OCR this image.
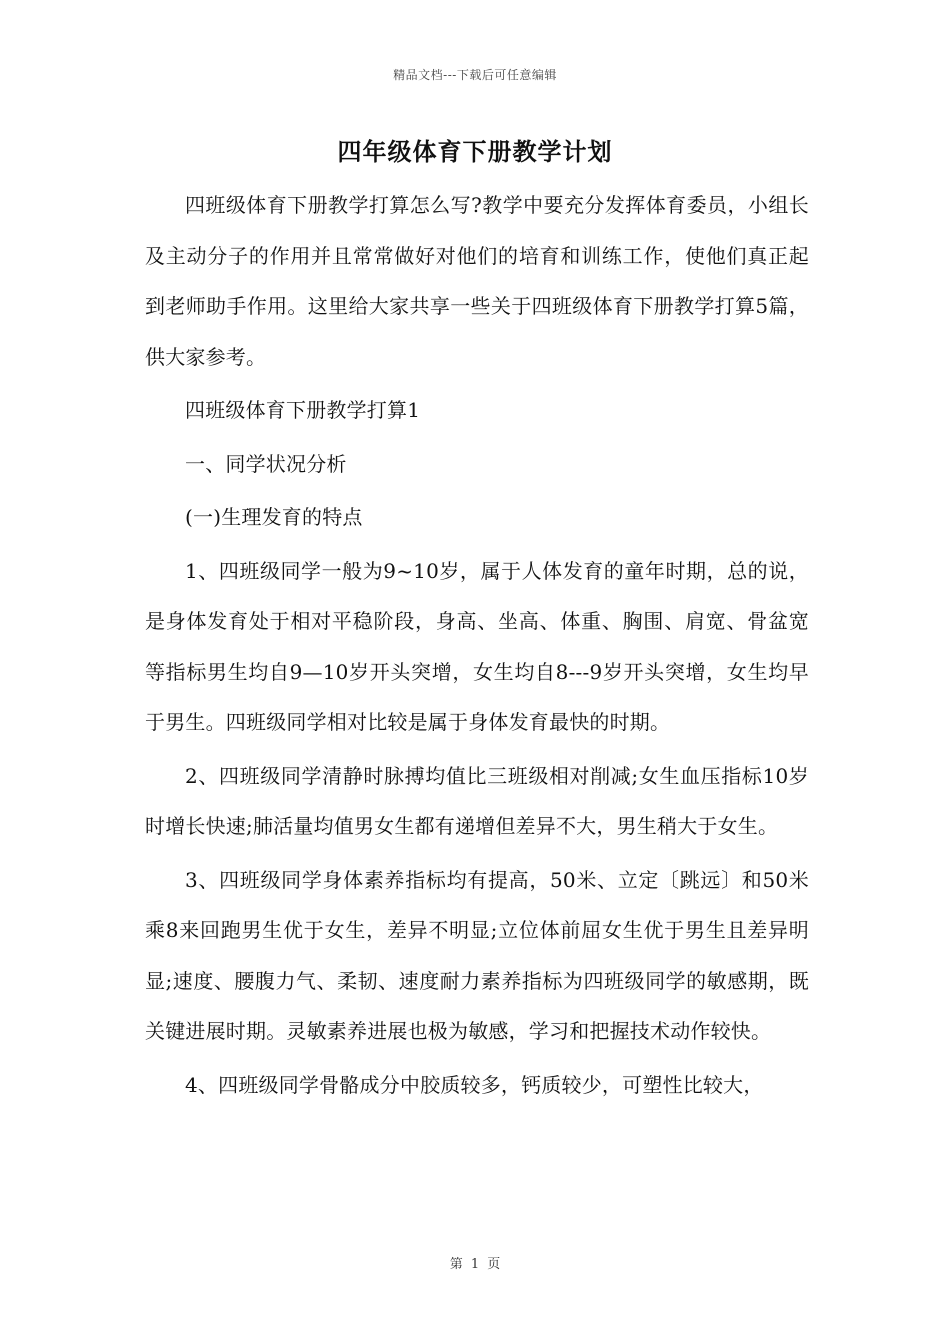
精品文档---下载后可任意编辑
四年级体育下册教学计划

四班级体育下册教学打算怎么写?教学中要充分发挥体育委员，小组长及主动分子的作用并且常常做好对他们的培育和训练工作，使他们真正起到老师助手作用。这里给大家共享一些关于四班级体育下册教学打算5篇，供大家参考。

四班级体育下册教学打算1

一、同学状况分析

(一)生理发育的特点

1、四班级同学一般为9~10岁，属于人体发育的童年时期，总的说，是身体发育处于相对平稳阶段，身高、坐高、体重、胸围、肩宽、骨盆宽等指标男生均自9—10岁开头突增，女生均自8---9岁开头突增，女生均早于男生。四班级同学相对比较是属于身体发育最快的时期。

2、四班级同学清静时脉搏均值比三班级相对削减;女生血压指标10岁时增长快速;肺活量均值男女生都有递增但差异不大，男生稍大于女生。

3、四班级同学身体素养指标均有提高，50米、立定〔跳远〕和50米乘8来回跑男生优于女生，差异不明显;立位体前屈女生优于男生且差异明显;速度、腰腹力气、柔韧、速度耐力素养指标为四班级同学的敏感期，既关键进展时期。灵敏素养进展也极为敏感，学习和把握技术动作较快。

4、四班级同学骨骼成分中胶质较多，钙质较少，可塑性比较大，

第 1 页
